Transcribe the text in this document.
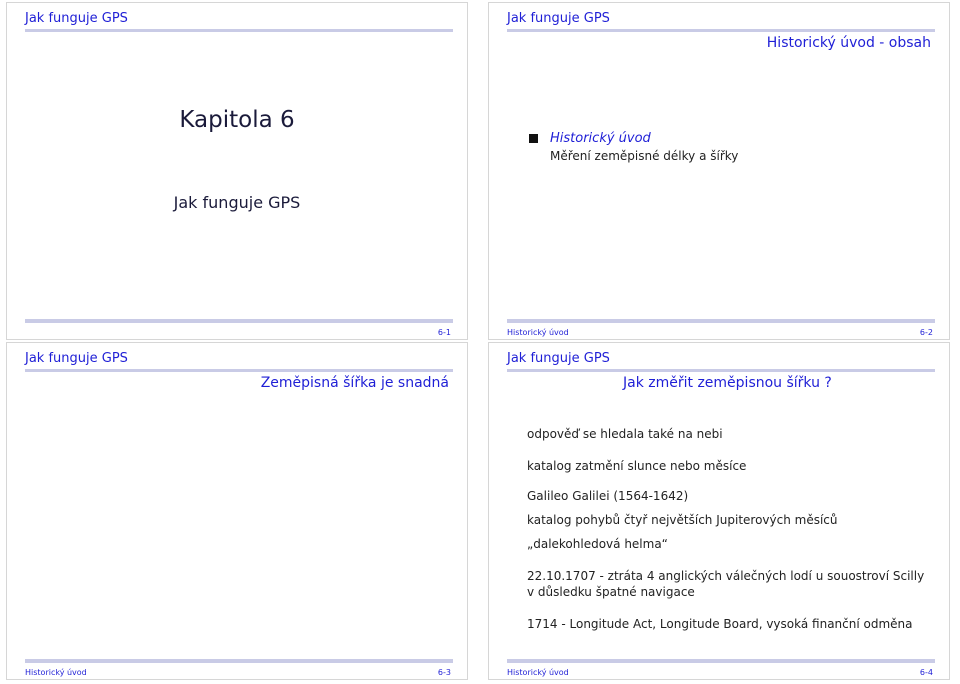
Jak funguje GPS
Kapitola 6
Jak funguje GPS
6-1
Jak funguje GPS
Historický úvod - obsah
Historický úvod
Měření zeměpisné délky a šířky
Historický úvod	6-2
Jak funguje GPS
Zeměpisná šířka je snadná
Historický úvod	6-3
Jak funguje GPS
Jak změřit zeměpisnou šířku ?
odpověď se hledala také na nebi
katalog zatmění slunce nebo měsíce
Galileo Galilei (1564-1642)
katalog pohybů čtyř největších Jupiterových měsíců
„dalekohledová helma“
22.10.1707 - ztráta 4 anglických válečných lodí u souostroví Scilly
v důsledku špatné navigace
1714 - Longitude Act, Longitude Board, vysoká finanční odměna
Historický úvod	6-4
